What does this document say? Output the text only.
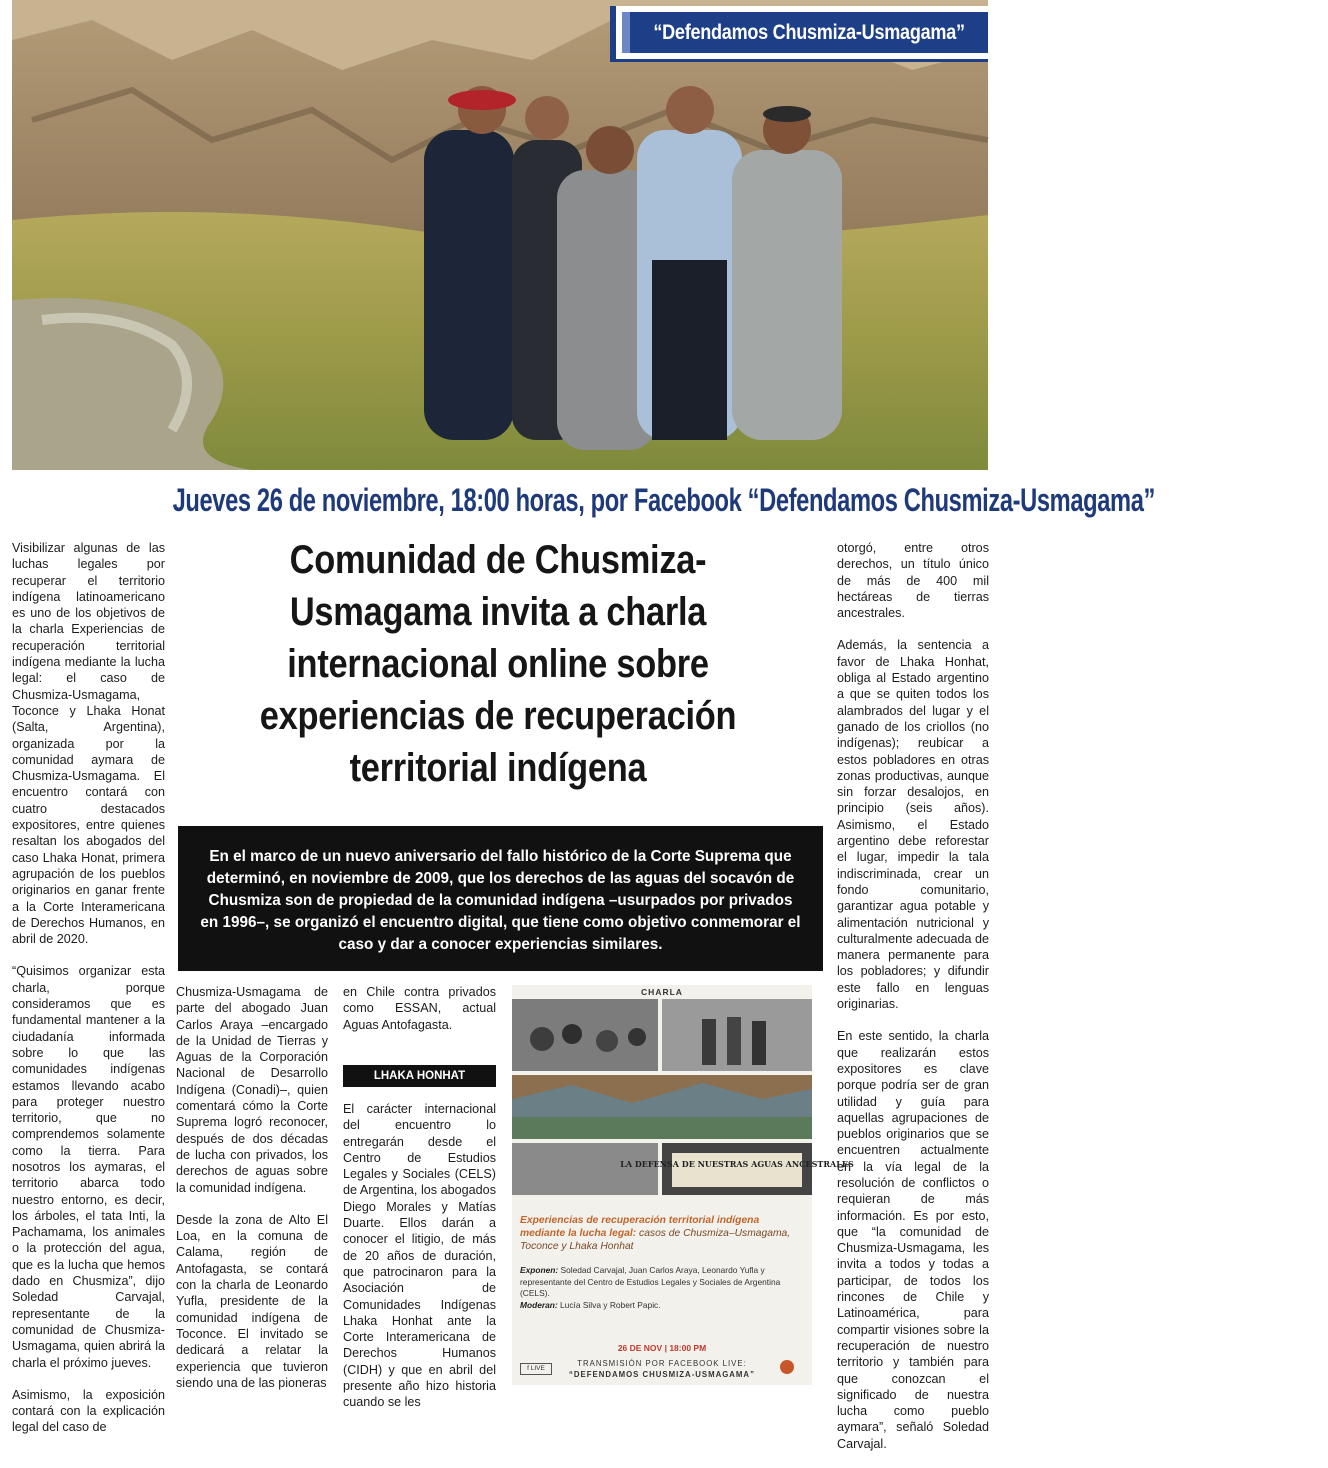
“Defendamos Chusmiza-Usmagama”
Jueves 26 de noviembre, 18:00 horas, por Facebook “Defendamos Chusmiza-Usmagama”

Visibilizar algunas de las luchas legales por recuperar el territorio indígena latinoamericano es uno de los objetivos de la charla Experiencias de recuperación territorial indígena mediante la lucha legal: el caso de Chusmiza-Usmagama, Toconce y Lhaka Honat (Salta, Argentina), organizada por la comunidad aymara de Chusmiza-Usmagama. El encuentro contará con cuatro destacados expositores, entre quienes resaltan los abogados del caso Lhaka Honat, primera agrupación de los pueblos originarios en ganar frente a la Corte Interamericana de Derechos Humanos, en abril de 2020.

“Quisimos organizar esta charla, porque consideramos que es fundamental mantener a la ciudadanía informada sobre lo que las comunidades indígenas estamos llevando acabo para proteger nuestro territorio, que no comprendemos solamente como la tierra. Para nosotros los aymaras, el territorio abarca todo nuestro entorno, es decir, los árboles, el tata Inti, la Pachamama, los animales o la protección del agua, que es la lucha que hemos dado en Chusmiza”, dijo Soledad Carvajal, representante de la comunidad de Chusmiza-Usmagama, quien abrirá la charla el próximo jueves.

Asimismo, la exposición contará con la explicación legal del caso de

Comunidad de Chusmiza-Usmagama invita a charla internacional online sobre experiencias de recuperación territorial indígena
En el marco de un nuevo aniversario del fallo histórico de la Corte Suprema que determinó, en noviembre de 2009, que los derechos de las aguas del socavón de Chusmiza son de propiedad de la comunidad indígena –usurpados por privados en 1996–, se organizó el encuentro digital, que tiene como objetivo conmemorar el caso y dar a conocer experiencias similares.

Chusmiza-Usmagama de parte del abogado Juan Carlos Araya –encargado de la Unidad de Tierras y Aguas de la Corporación Nacional de Desarrollo Indígena (Conadi)–, quien comentará cómo la Corte Suprema logró reconocer, después de dos décadas de lucha con privados, los derechos de aguas sobre la comunidad indígena.

Desde la zona de Alto El Loa, en la comuna de Calama, región de Antofagasta, se contará con la charla de Leonardo Yufla, presidente de la comunidad indígena de Toconce. El invitado se dedicará a relatar la experiencia que tuvieron siendo una de las pioneras

en Chile contra privados como ESSAN, actual Aguas Antofagasta.

LHAKA HONHAT

El carácter internacional del encuentro lo entregarán desde el Centro de Estudios Legales y Sociales (CELS) de Argentina, los abogados Diego Morales y Matías Duarte. Ellos darán a conocer el litigio, de más de 20 años de duración, que patrocinaron para la Asociación de Comunidades Indígenas Lhaka Honhat ante la Corte Interamericana de Derechos Humanos (CIDH) y que en abril del presente año hizo historia cuando se les

CHARLA
LA DEFENSA DE NUESTRAS AGUAS ANCESTRALES
Experiencias de recuperación territorial indígena mediante la lucha legal: casos de Chusmiza–Usmagama, Toconce y Lhaka Honhat
Exponen: Soledad Carvajal, Juan Carlos Araya, Leonardo Yufla y representante del Centro de Estudios Legales y Sociales de Argentina (CELS).
Moderan: Lucía Silva y Robert Papic.
26 DE NOV | 18:00 PM
TRANSMISIÓN POR FACEBOOK LIVE:
f LIVE
“DEFENDAMOS CHUSMIZA-USMAGAMA”

otorgó, entre otros derechos, un título único de más de 400 mil hectáreas de tierras ancestrales.

Además, la sentencia a favor de Lhaka Honhat, obliga al Estado argentino a que se quiten todos los alambrados del lugar y el ganado de los criollos (no indígenas); reubicar a estos pobladores en otras zonas productivas, aunque sin forzar desalojos, en principio (seis años). Asimismo, el Estado argentino debe reforestar el lugar, impedir la tala indiscriminada, crear un fondo comunitario, garantizar agua potable y alimentación nutricional y culturalmente adecuada de manera permanente para los pobladores; y difundir este fallo en lenguas originarias.

En este sentido, la charla que realizarán estos expositores es clave porque podría ser de gran utilidad y guía para aquellas agrupaciones de pueblos originarios que se encuentren actualmente en la vía legal de la resolución de conflictos o requieran de más información. Es por esto, que “la comunidad de Chusmiza-Usmagama, les invita a todos y todas a participar, de todos los rincones de Chile y Latinoamérica, para compartir visiones sobre la recuperación de nuestro territorio y también para que conozcan el significado de nuestra lucha como pueblo aymara”, señaló Soledad Carvajal.
